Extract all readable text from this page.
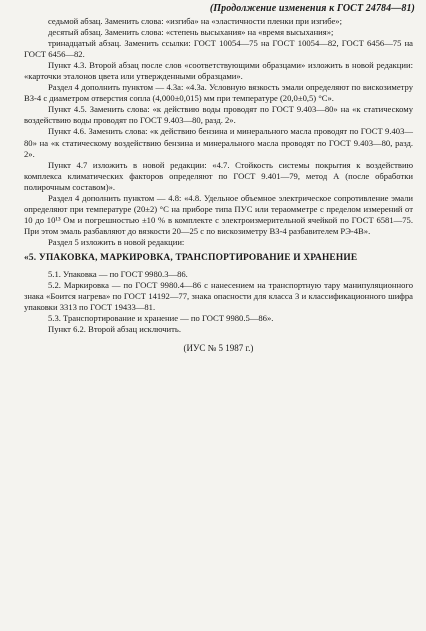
(Продолжение изменения к ГОСТ 24784—81)

седьмой абзац. Заменить слова: «изгиба» на «эластичности пленки при изгибе»;

десятый абзац. Заменить слова: «степень высыхания» на «время высыхания»;

тринадцатый абзац. Заменить ссылки: ГОСТ 10054—75 на ГОСТ 10054—82, ГОСТ 6456—75 на ГОСТ 6456—82.

Пункт 4.3. Второй абзац после слов «соответствующими образцами» изложить в новой редакции: «карточки эталонов цвета или утвержденными образцами».

Раздел 4 дополнить пунктом — 4.3а: «4.3а. Условную вязкость эмали определяют по вискозиметру ВЗ-4 с диаметром отверстия сопла (4,000±0,015) мм при температуре (20,0±0,5) °С».

Пункт 4.5. Заменить слова: «к действию воды проводят по ГОСТ 9.403—80» на «к статическому воздействию воды проводят по ГОСТ 9.403—80, разд. 2».

Пункт 4.6. Заменить слова: «к действию бензина и минерального масла проводят по ГОСТ 9.403—80» на «к статическому воздействию бензина и минерального масла проводят по ГОСТ 9.403—80, разд. 2».

Пункт 4.7 изложить в новой редакции: «4.7. Стойкость системы покрытия к воздействию комплекса климатических факторов определяют по ГОСТ 9.401—79, метод А (после обработки полирочным составом)».

Раздел 4 дополнить пунктом — 4.8: «4.8. Удельное объемное электрическое сопротивление эмали определяют при температуре (20±2) °С на приборе типа ПУС или тераомметре с пределом измерений от 10 до 10¹³ Ом и погрешностью ±10 % в комплекте с электроизмерительной ячейкой по ГОСТ 6581—75. При этом эмаль разбавляют до вязкости 20—25 с по вискозиметру ВЗ-4 разбавителем РЭ-4В».

Раздел 5 изложить в новой редакции:

«5. УПАКОВКА, МАРКИРОВКА, ТРАНСПОРТИРОВАНИЕ И ХРАНЕНИЕ

5.1. Упаковка — по ГОСТ 9980.3—86.

5.2. Маркировка — по ГОСТ 9980.4—86 с нанесением на транспортную тару манипуляционного знака «Боится нагрева» по ГОСТ 14192—77, знака опасности для класса 3 и классификационного шифра упаковки 3313 по ГОСТ 19433—81.

5.3. Транспортирование и хранение — по ГОСТ 9980.5—86».

Пункт 6.2. Второй абзац исключить.

(ИУС № 5 1987 г.)
